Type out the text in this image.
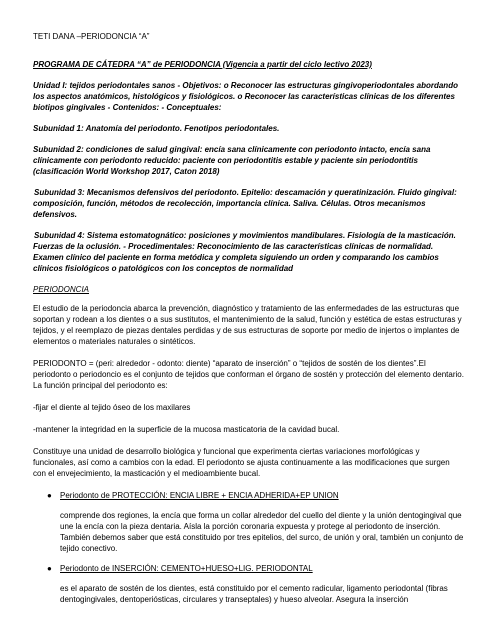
TETI DANA –PERIODONCIA “A”

PROGRAMA DE CÁTEDRA “A” de PERIODONCIA (Vigencia a partir del ciclo lectivo 2023)

Unidad I: tejidos periodontales sanos - Objetivos: o Reconocer las estructuras gingivoperiodontales abordando los aspectos anatómicos, histológicos y fisiológicos. o Reconocer las características clínicas de los diferentes biotipos gingivales - Contenidos: - Conceptuales:

Subunidad 1: Anatomía del periodonto. Fenotipos periodontales.

Subunidad 2: condiciones de salud gingival: encía sana clínicamente con periodonto intacto, encía sana clínicamente con periodonto reducido: paciente con periodontitis estable y paciente sin periodontitis (clasificación World Workshop 2017, Caton 2018)

Subunidad 3: Mecanismos defensivos del periodonto. Epitelio: descamación y queratinización. Fluido gingival: composición, función, métodos de recolección, importancia clínica. Saliva. Células. Otros mecanismos defensivos.

Subunidad 4: Sistema estomatognático: posiciones y movimientos mandibulares. Fisiología de la masticación. Fuerzas de la oclusión. - Procedimentales: Reconocimiento de las características clínicas de normalidad. Examen clínico del paciente en forma metódica y completa siguiendo un orden y comparando los cambios clínicos fisiológicos o patológicos con los conceptos de normalidad

PERIODONCIA

El estudio de la periodoncia abarca la prevención, diagnóstico y tratamiento de las enfermedades de las estructuras que soportan y rodean a los dientes o a sus sustitutos, el mantenimiento de la salud, función y estética de estas estructuras y tejidos, y el reemplazo de piezas dentales perdidas y de sus estructuras de soporte por medio de injertos o implantes de elementos o materiales naturales o sintéticos.

PERIODONTO = (peri: alrededor - odonto: diente) “aparato de inserción” o “tejidos de sostén de los dientes”.El periodonto o periodoncio es el conjunto de tejidos que conforman el órgano de sostén y protección del elemento dentario. La función principal del periodonto es:

-fijar el diente al tejido óseo de los maxilares

-mantener la integridad en la superficie de la mucosa masticatoria de la cavidad bucal.

Constituye una unidad de desarrollo biológica y funcional que experimenta ciertas variaciones morfológicas y funcionales, así como a cambios con la edad. El periodonto se ajusta continuamente a las modificaciones que surgen con el envejecimiento, la masticación y el medioambiente bucal.

● Periodonto de PROTECCIÓN: ENCIA LIBRE + ENCIA ADHERIDA+EP UNION

comprende dos regiones, la encía que forma un collar alrededor del cuello del diente y la unión dentogingival que une la encía con la pieza dentaria. Aísla la porción coronaria expuesta y protege al periodonto de inserción. También debemos saber que está constituido por tres epitelios, del surco, de unión y oral, también un conjunto de tejido conectivo.

● Periodonto de INSERCIÓN: CEMENTO+HUESO+LIG. PERIODONTAL

es el aparato de sostén de los dientes, está constituido por el cemento radicular, ligamento periodontal (fibras dentogingivales, dentoperiósticas, circulares y transeptales) y hueso alveolar. Asegura la inserción
